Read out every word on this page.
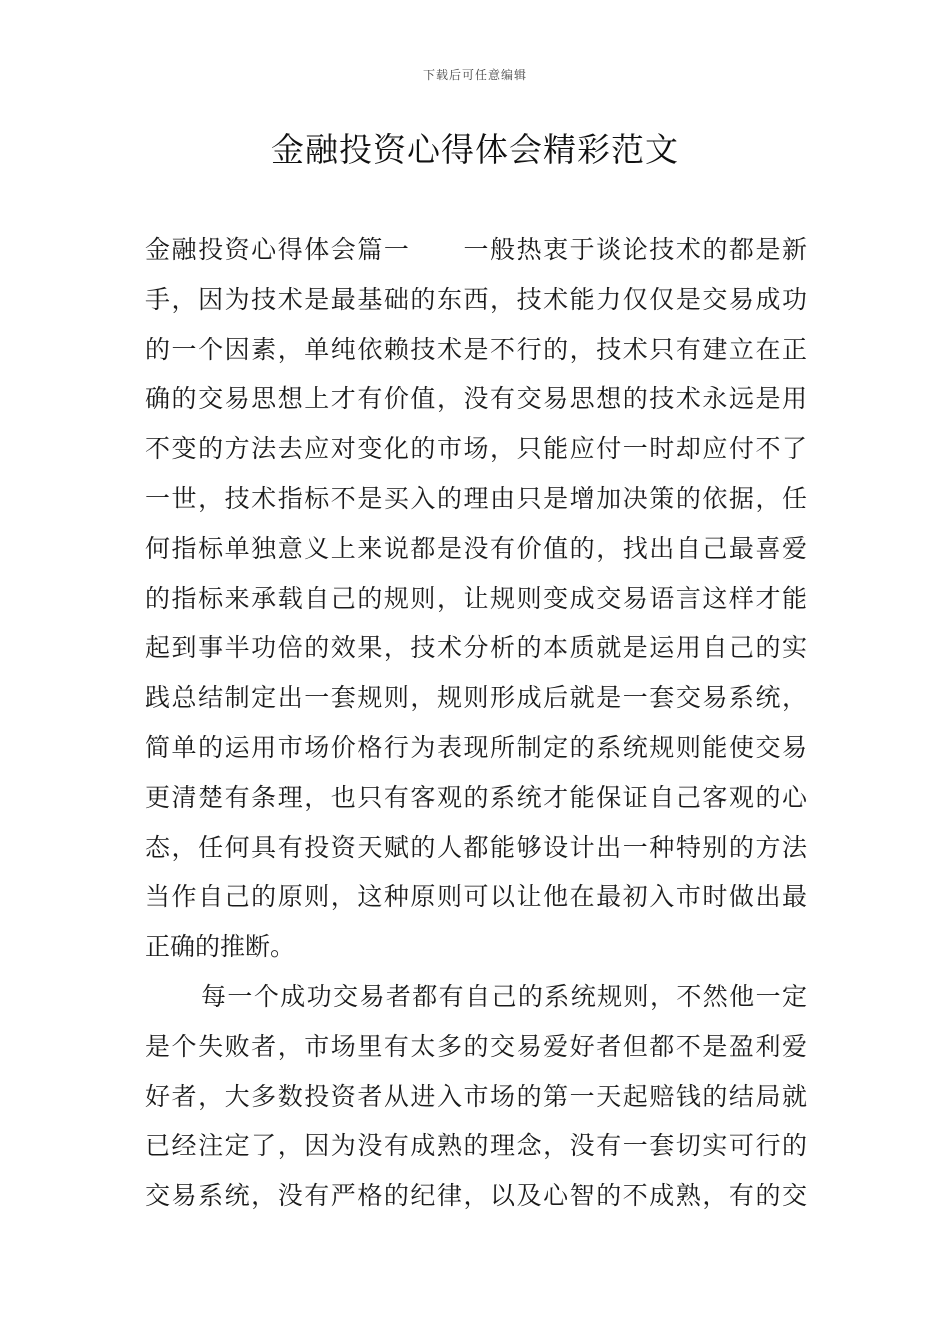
下载后可任意编辑
金融投资心得体会精彩范文
金融投资心得体会篇一　　一般热衷于谈论技术的都是新
手，因为技术是最基础的东西，技术能力仅仅是交易成功
的一个因素，单纯依赖技术是不行的，技术只有建立在正
确的交易思想上才有价值，没有交易思想的技术永远是用
不变的方法去应对变化的市场，只能应付一时却应付不了
一世，技术指标不是买入的理由只是增加决策的依据，任
何指标单独意义上来说都是没有价值的，找出自己最喜爱
的指标来承载自己的规则，让规则变成交易语言这样才能
起到事半功倍的效果，技术分析的本质就是运用自己的实
践总结制定出一套规则，规则形成后就是一套交易系统，
简单的运用市场价格行为表现所制定的系统规则能使交易
更清楚有条理，也只有客观的系统才能保证自己客观的心
态，任何具有投资天赋的人都能够设计出一种特别的方法
当作自己的原则，这种原则可以让他在最初入市时做出最
正确的推断。
每一个成功交易者都有自己的系统规则，不然他一定
是个失败者，市场里有太多的交易爱好者但都不是盈利爱
好者，大多数投资者从进入市场的第一天起赔钱的结局就
已经注定了，因为没有成熟的理念，没有一套切实可行的
交易系统，没有严格的纪律，以及心智的不成熟，有的交
